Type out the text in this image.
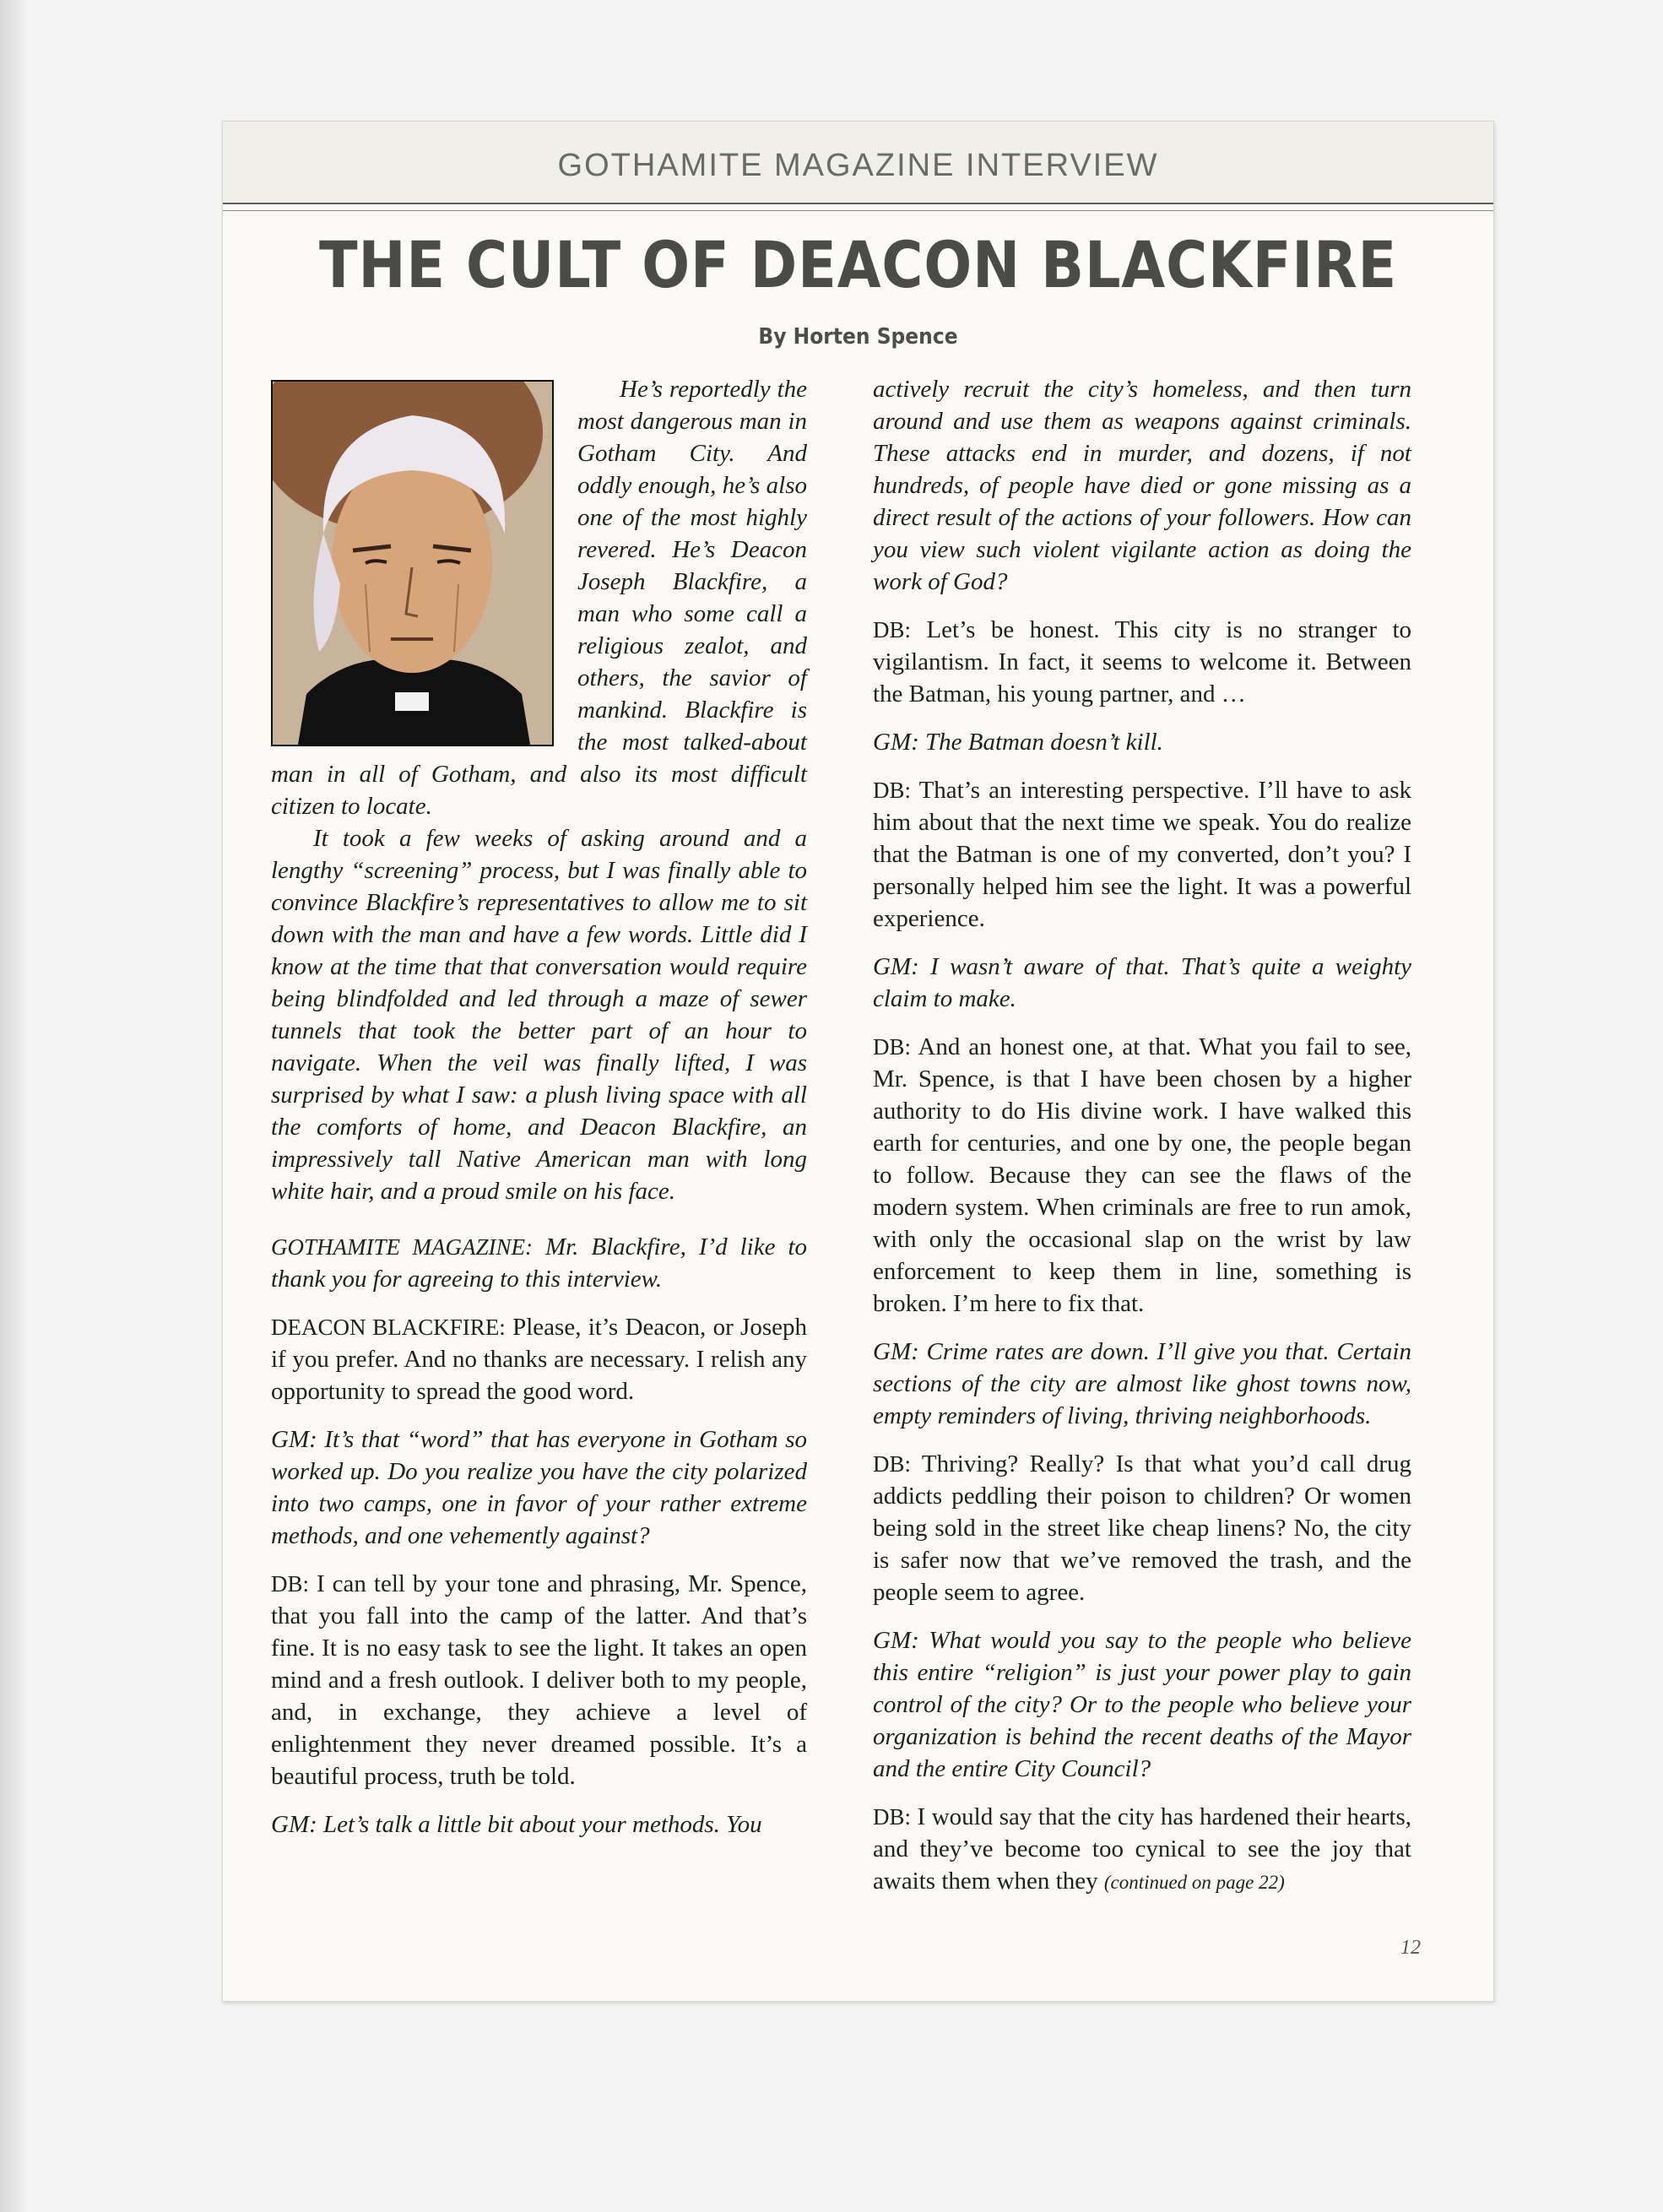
GOTHAMITE MAGAZINE INTERVIEW
THE CULT OF DEACON BLACKFIRE
By Horten Spence

He’s reportedly the most dangerous man in Gotham City. And oddly enough, he’s also one of the most highly revered. He’s Deacon Joseph Blackfire, a man who some call a religious zealot, and others, the savior of mankind. Blackfire is the most talked-about man in all of Gotham, and also its most difficult citizen to locate.

It took a few weeks of asking around and a lengthy “screening” process, but I was finally able to convince Blackfire’s representatives to allow me to sit down with the man and have a few words. Little did I know at the time that that conversation would require being blindfolded and led through a maze of sewer tunnels that took the better part of an hour to navigate. When the veil was finally lifted, I was surprised by what I saw: a plush living space with all the comforts of home, and Deacon Blackfire, an impressively tall Native American man with long white hair, and a proud smile on his face.

GOTHAMITE MAGAZINE: Mr. Blackfire, I’d like to thank you for agreeing to this interview.

DEACON BLACKFIRE: Please, it’s Deacon, or Joseph if you prefer. And no thanks are necessary. I relish any opportunity to spread the good word.

GM: It’s that “word” that has everyone in Gotham so worked up. Do you realize you have the city polarized into two camps, one in favor of your rather extreme methods, and one vehemently against?

DB: I can tell by your tone and phrasing, Mr. Spence, that you fall into the camp of the latter. And that’s fine. It is no easy task to see the light. It takes an open mind and a fresh outlook. I deliver both to my people, and, in exchange, they achieve a level of enlightenment they never dreamed possible. It’s a beautiful process, truth be told.

GM: Let’s talk a little bit about your methods. You

actively recruit the city’s homeless, and then turn around and use them as weapons against criminals. These attacks end in murder, and dozens, if not hundreds, of people have died or gone missing as a direct result of the actions of your followers. How can you view such violent vigilante action as doing the work of God?

DB: Let’s be honest. This city is no stranger to vigilantism. In fact, it seems to welcome it. Between the Batman, his young partner, and …

GM: The Batman doesn’t kill.

DB: That’s an interesting perspective. I’ll have to ask him about that the next time we speak. You do realize that the Batman is one of my converted, don’t you? I personally helped him see the light. It was a powerful experience.

GM: I wasn’t aware of that. That’s quite a weighty claim to make.

DB: And an honest one, at that. What you fail to see, Mr. Spence, is that I have been chosen by a higher authority to do His divine work. I have walked this earth for centuries, and one by one, the people began to follow. Because they can see the flaws of the modern system. When criminals are free to run amok, with only the occasional slap on the wrist by law enforcement to keep them in line, something is broken. I’m here to fix that.

GM: Crime rates are down. I’ll give you that. Certain sections of the city are almost like ghost towns now, empty reminders of living, thriving neighborhoods.

DB: Thriving? Really? Is that what you’d call drug addicts peddling their poison to children? Or women being sold in the street like cheap linens? No, the city is safer now that we’ve removed the trash, and the people seem to agree.

GM: What would you say to the people who believe this entire “religion” is just your power play to gain control of the city? Or to the people who believe your organization is behind the recent deaths of the Mayor and the entire City Council?

DB: I would say that the city has hardened their hearts, and they’ve become too cynical to see the joy that awaits them when they (continued on page 22)

12
